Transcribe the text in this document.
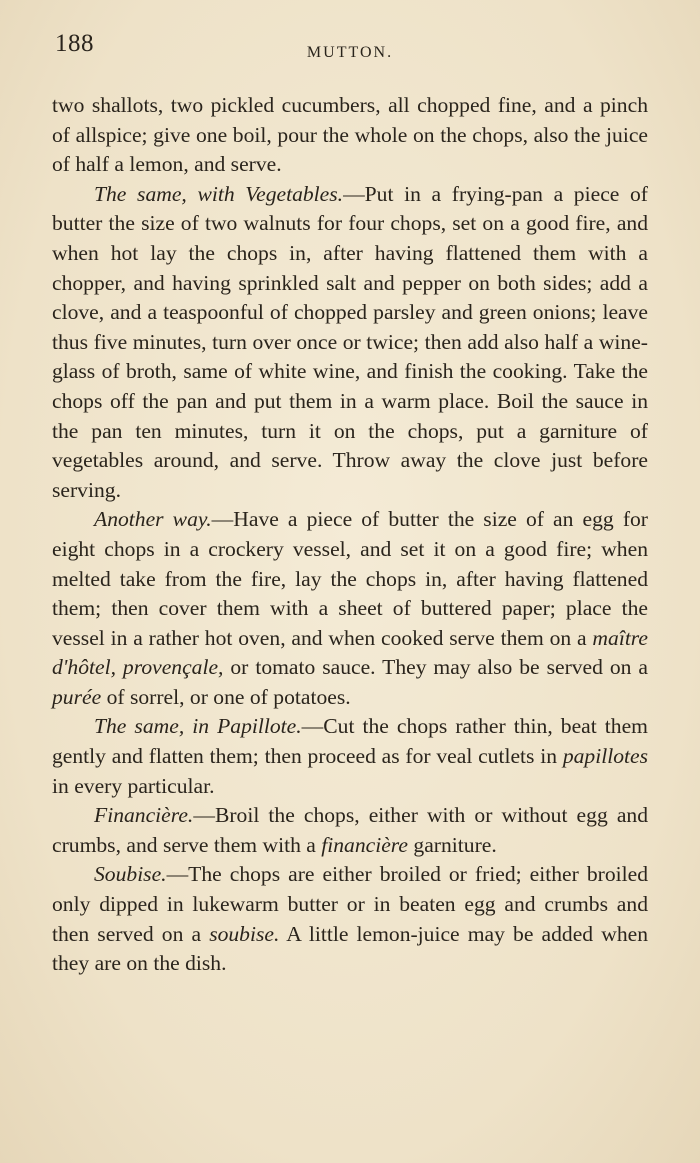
188	MUTTON.

two shallots, two pickled cucumbers, all chopped fine, and a pinch of allspice; give one boil, pour the whole on the chops, also the juice of half a lemon, and serve.

The same, with Vegetables.—Put in a frying-pan a piece of butter the size of two walnuts for four chops, set on a good fire, and when hot lay the chops in, after having flattened them with a chopper, and having sprinkled salt and pepper on both sides; add a clove, and a teaspoonful of chopped parsley and green onions; leave thus five minutes, turn over once or twice; then add also half a wine-glass of broth, same of white wine, and finish the cooking. Take the chops off the pan and put them in a warm place. Boil the sauce in the pan ten minutes, turn it on the chops, put a garniture of vegetables around, and serve. Throw away the clove just before serving.

Another way.—Have a piece of butter the size of an egg for eight chops in a crockery vessel, and set it on a good fire; when melted take from the fire, lay the chops in, after having flattened them; then cover them with a sheet of buttered paper; place the vessel in a rather hot oven, and when cooked serve them on a maître d'hôtel, provençale, or tomato sauce. They may also be served on a purée of sorrel, or one of potatoes.

The same, in Papillote.—Cut the chops rather thin, beat them gently and flatten them; then proceed as for veal cutlets in papillotes in every particular.

Financière.—Broil the chops, either with or without egg and crumbs, and serve them with a financière garniture.

Soubise.—The chops are either broiled or fried; either broiled only dipped in lukewarm butter or in beaten egg and crumbs and then served on a soubise. A little lemon-juice may be added when they are on the dish.
